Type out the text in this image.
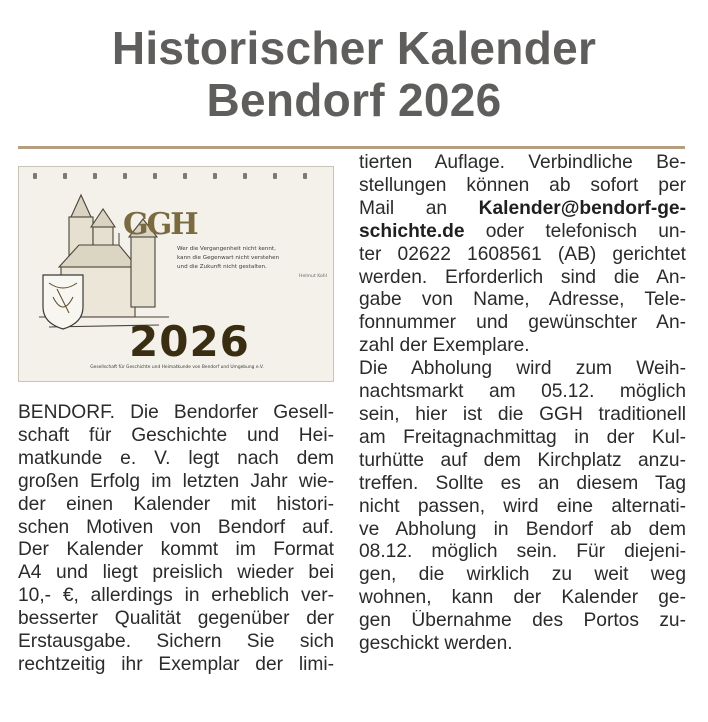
Historischer Kalender
Bendorf 2026
GGH
Wer die Vergangenheit nicht kennt,
kann die Gegenwart nicht verstehen
und die Zukunft nicht gestalten.
Helmut Kohl
2026
Gesellschaft für Geschichte und Heimatkunde von Bendorf und Umgebung e.V.
BENDORF. Die Bendorfer Gesell-
schaft für Geschichte und Hei-
matkunde e. V. legt nach dem
großen Erfolg im letzten Jahr wie-
der einen Kalender mit histori-
schen Motiven von Bendorf auf.
Der Kalender kommt im Format
A4 und liegt preislich wieder bei
10,- €, allerdings in erheblich ver-
besserter Qualität gegenüber der
Erstausgabe. Sichern Sie sich
rechtzeitig ihr Exemplar der limi-
tierten Auflage. Verbindliche Be-
stellungen können ab sofort per
Mail an Kalender@bendorf-ge-
schichte.de oder telefonisch un-
ter 02622 1608561 (AB) gerichtet
werden. Erforderlich sind die An-
gabe von Name, Adresse, Tele-
fonnummer und gewünschter An-
zahl der Exemplare.
Die Abholung wird zum Weih-
nachtsmarkt am 05.12. möglich
sein, hier ist die GGH traditionell
am Freitagnachmittag in der Kul-
turhütte auf dem Kirchplatz anzu-
treffen. Sollte es an diesem Tag
nicht passen, wird eine alternati-
ve Abholung in Bendorf ab dem
08.12. möglich sein. Für diejeni-
gen, die wirklich zu weit weg
wohnen, kann der Kalender ge-
gen Übernahme des Portos zu-
geschickt werden.
